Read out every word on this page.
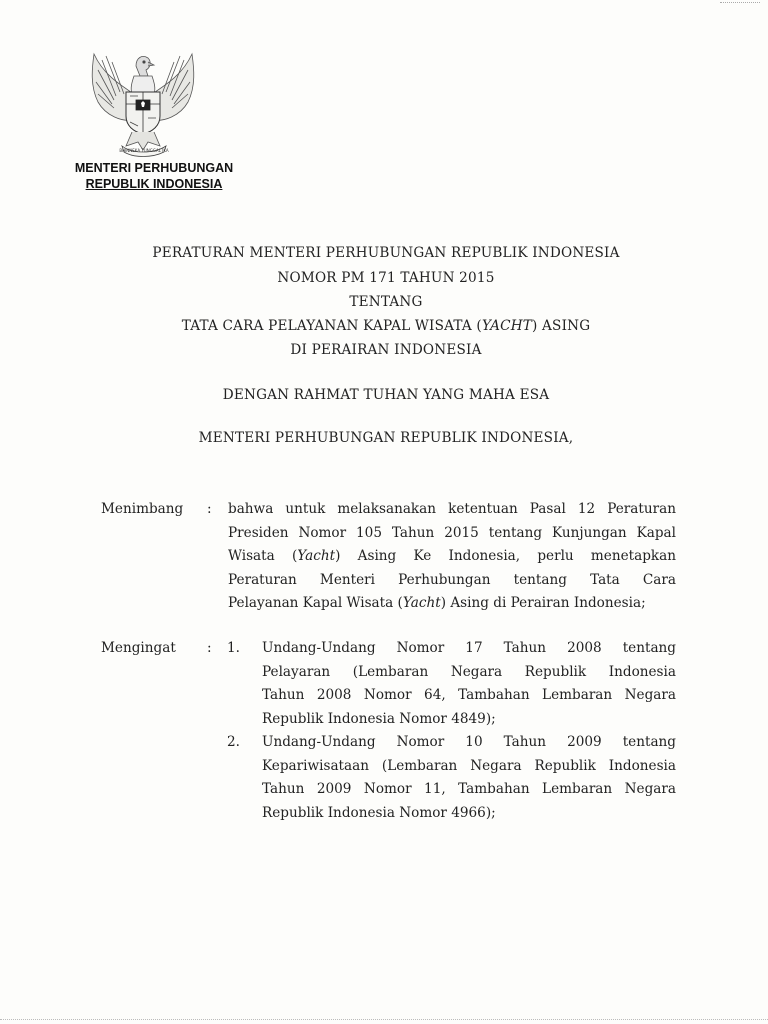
BHINNEKA TUNGGAL IKA
MENTERI PERHUBUNGAN
REPUBLIK INDONESIA
PERATURAN MENTERI PERHUBUNGAN REPUBLIK INDONESIA
NOMOR PM 171 TAHUN 2015
TENTANG
TATA CARA PELAYANAN KAPAL WISATA (YACHT) ASING
DI PERAIRAN INDONESIA
DENGAN RAHMAT TUHAN YANG MAHA ESA
MENTERI PERHUBUNGAN REPUBLIK INDONESIA,
Menimbang : bahwa untuk melaksanakan ketentuan Pasal 12 Peraturan
Presiden Nomor 105 Tahun 2015 tentang Kunjungan Kapal
Wisata (Yacht) Asing Ke Indonesia, perlu menetapkan
Peraturan Menteri Perhubungan tentang Tata Cara
Pelayanan Kapal Wisata (Yacht) Asing di Perairan Indonesia;
Mengingat : 1. Undang-Undang Nomor 17 Tahun 2008 tentang
Pelayaran (Lembaran Negara Republik Indonesia
Tahun 2008 Nomor 64, Tambahan Lembaran Negara
Republik Indonesia Nomor 4849);
2. Undang-Undang Nomor 10 Tahun 2009 tentang
Kepariwisataan (Lembaran Negara Republik Indonesia
Tahun 2009 Nomor 11, Tambahan Lembaran Negara
Republik Indonesia Nomor 4966);
